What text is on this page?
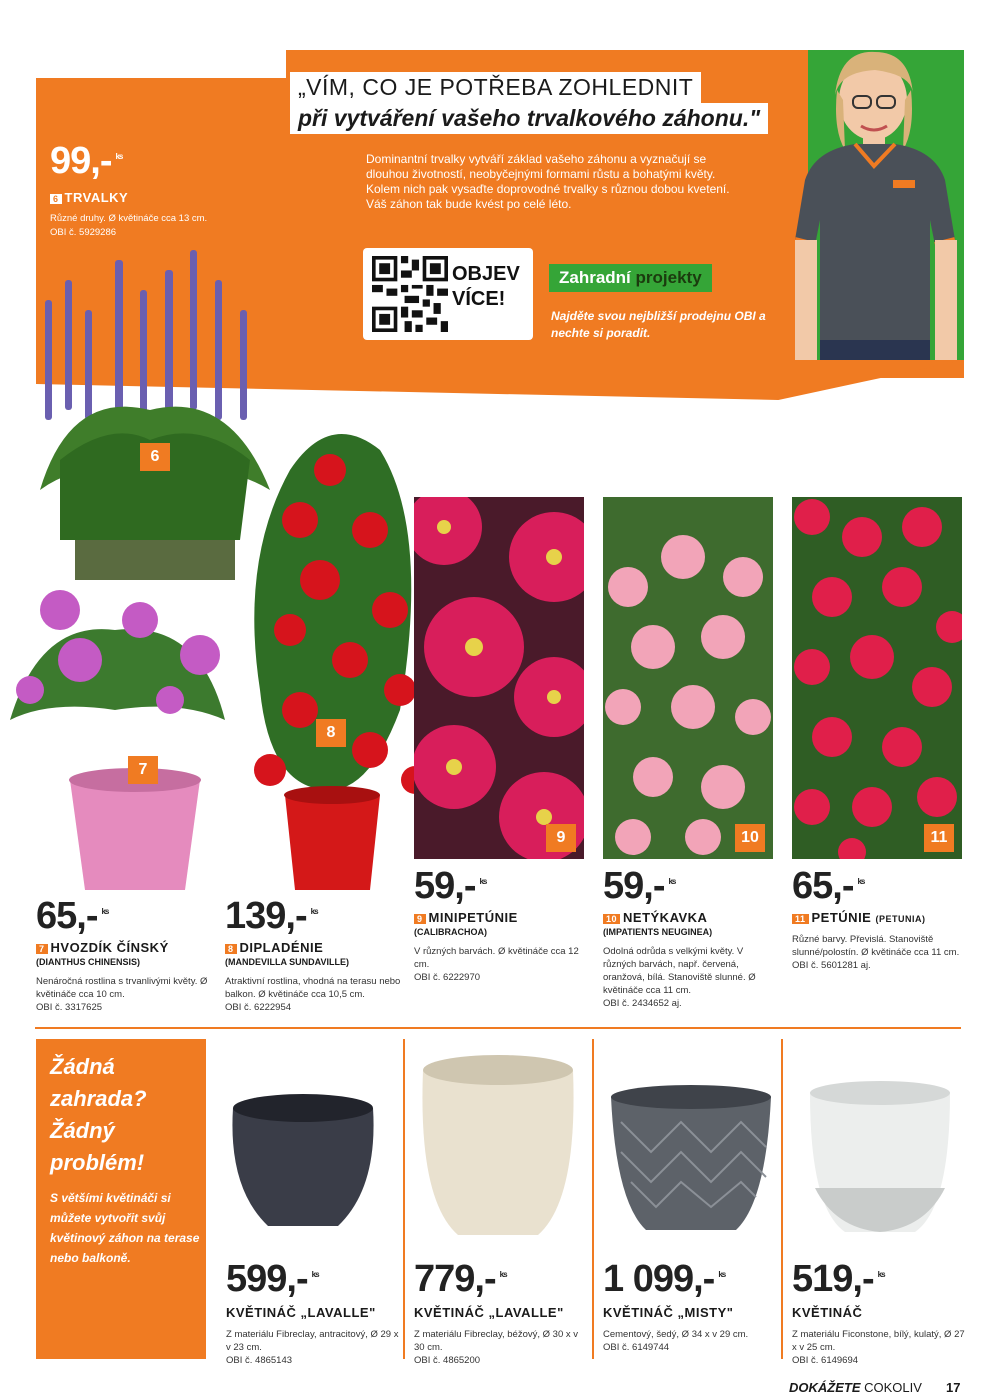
„VÍM, CO JE POTŘEBA ZOHLEDNIT
při vytváření vašeho trvalkového záhonu."
Dominantní trvalky vytváří základ vašeho záhonu a vyznačují se dlouhou životností, neobyčejnými formami růstu a bohatými květy. Kolem nich pak vysaďte doprovodné trvalky s různou dobou kvetení. Váš záhon tak bude kvést po celé léto.
OBJEV
VÍCE!
Zahradní projekty
Najděte svou nejbližší prodejnu OBI a nechte si poradit.
99,- $^{ks}$
6 TRVALKY
Různé druhy. Ø květináče cca 13 cm.
OBI č. 5929286
6
7
8
9	10	11
65,- $^{ks}$
7 HVOZDÍK ČÍNSKÝ
(DIANTHUS CHINENSIS)
Nenáročná rostlina s trvanlivými květy. Ø květináče cca 10 cm.
OBI č. 3317625
139,- $^{ks}$
8 DIPLADÉNIE
(MANDEVILLA SUNDAVILLE)
Atraktivní rostlina, vhodná na terasu nebo balkon. Ø květináče cca 10,5 cm.
OBI č. 6222954
59,- $^{ks}$
9 MINIPETÚNIE
(CALIBRACHOA)
V různých barvách. Ø květináče cca 12 cm.
OBI č. 6222970
59,- $^{ks}$
10 NETÝKAVKA
(IMPATIENTS NEUGINEA)
Odolná odrůda s velkými květy. V různých barvách, např. červená, oranžová, bílá. Stanoviště slunné. Ø květináče cca 11 cm.
OBI č. 2434652 aj.
65,- $^{ks}$
11 PETÚNIE (PETUNIA)
Různé barvy. Převislá. Stanoviště slunné/polostín. Ø květináče cca 11 cm.
OBI č. 5601281 aj.
Žádná zahrada? Žádný problém!
S většími květináči si můžete vytvořit svůj květinový záhon na terase nebo balkoně.	599,- $^{ks}$
KVĚTINÁČ „LAVALLE"
Z materiálu Fibreclay, antracitový, Ø 29 x v 23 cm.
OBI č. 4865143
779,- $^{ks}$
KVĚTINÁČ „LAVALLE"
Z materiálu Fibreclay, béžový, Ø 30 x v 30 cm.
OBI č. 4865200
1 099,- $^{ks}$
KVĚTINÁČ „MISTY"
Cementový, šedý, Ø 34 x v 29 cm.
OBI č. 6149744
519,- $^{ks}$
KVĚTINÁČ
Z materiálu Ficonstone, bílý, kulatý, Ø 27 x v 25 cm.
OBI č. 6149694
DOKÁŽETE COKOLIV 17
